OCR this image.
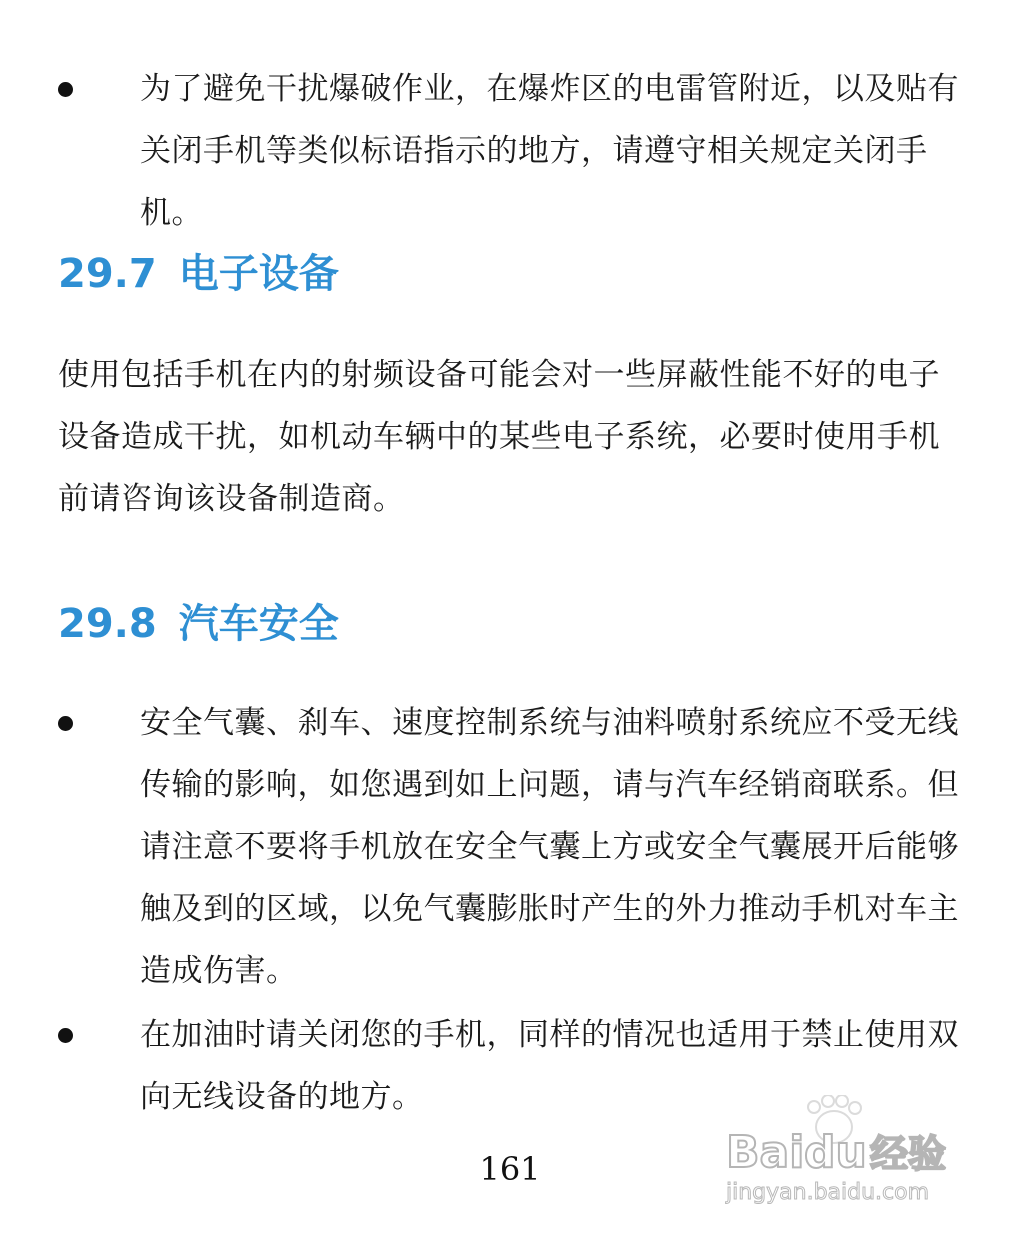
为了避免干扰爆破作业，在爆炸区的电雷管附近，以及贴有关闭手机等类似标语指示的地方，请遵守相关规定关闭手机。
29.7 电子设备
使用包括手机在内的射频设备可能会对一些屏蔽性能不好的电子设备造成干扰，如机动车辆中的某些电子系统，必要时使用手机前请咨询该设备制造商。
29.8 汽车安全
安全气囊、刹车、速度控制系统与油料喷射系统应不受无线传输的影响，如您遇到如上问题，请与汽车经销商联系。但请注意不要将手机放在安全气囊上方或安全气囊展开后能够触及到的区域，以免气囊膨胀时产生的外力推动手机对车主造成伤害。
在加油时请关闭您的手机，同样的情况也适用于禁止使用双向无线设备的地方。
161	Bai du 经验
jingyan.baidu.com
